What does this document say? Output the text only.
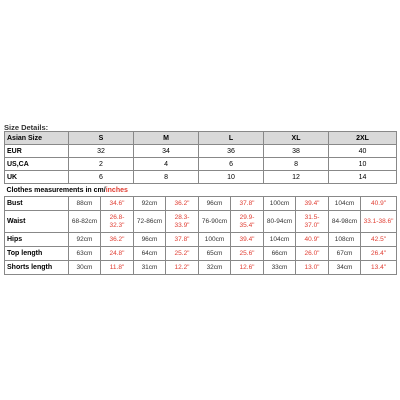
Size Details:
Asian Size	S		M		L		XL		2XL	
EUR	32		34		36		38		40	
US,CA	2		4		6		8		10	
UK	6		8		10		12		14	
Clothes measurements in cm/inches										
Bust	88cm	34.6"	92cm	36.2"	96cm	37.8"	100cm	39.4"	104cm	40.9"
Waist	68-82cm	26.8-32.3"	72-86cm	28.3-33.9"	76-90cm	29.9-35.4"	80-94cm	31.5-37.0"	84-98cm	33.1-38.6"
Hips	92cm	36.2"	96cm	37.8"	100cm	39.4"	104cm	40.9"	108cm	42.5"
Top length	63cm	24.8"	64cm	25.2"	65cm	25.6"	66cm	26.0"	67cm	26.4"
Shorts length	30cm	11.8"	31cm	12.2"	32cm	12.6"	33cm	13.0"	34cm	13.4"
